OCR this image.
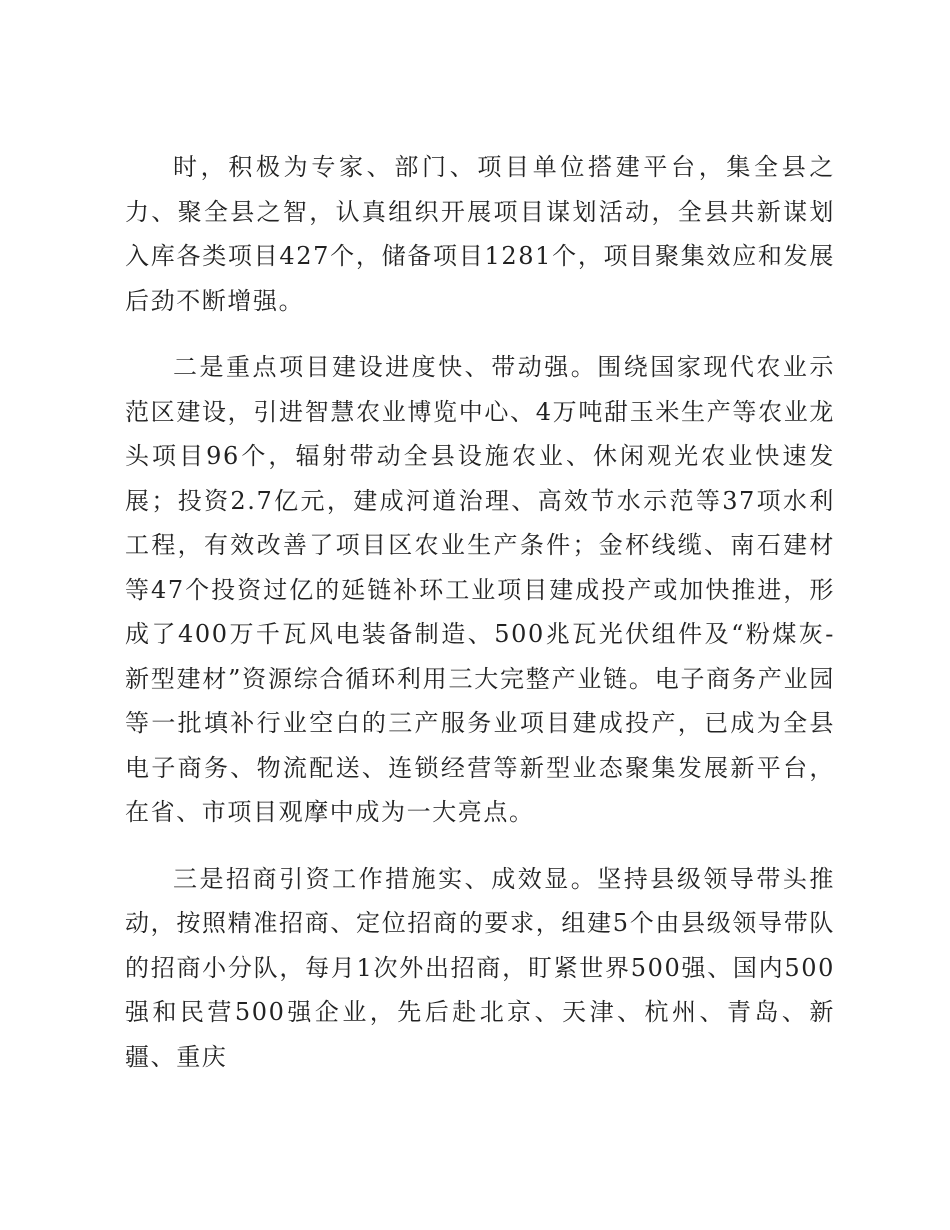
时，积极为专家、部门、项目单位搭建平台，集全县之力、聚全县之智，认真组织开展项目谋划活动，全县共新谋划入库各类项目427个，储备项目1281个，项目聚集效应和发展后劲不断增强。

二是重点项目建设进度快、带动强。围绕国家现代农业示范区建设，引进智慧农业博览中心、4万吨甜玉米生产等农业龙头项目96个，辐射带动全县设施农业、休闲观光农业快速发展；投资2.7亿元，建成河道治理、高效节水示范等37项水利工程，有效改善了项目区农业生产条件；金杯线缆、南石建材等47个投资过亿的延链补环工业项目建成投产或加快推进，形成了400万千瓦风电装备制造、500兆瓦光伏组件及“粉煤灰-新型建材”资源综合循环利用三大完整产业链。电子商务产业园等一批填补行业空白的三产服务业项目建成投产，已成为全县电子商务、物流配送、连锁经营等新型业态聚集发展新平台，在省、市项目观摩中成为一大亮点。

三是招商引资工作措施实、成效显。坚持县级领导带头推动，按照精准招商、定位招商的要求，组建5个由县级领导带队的招商小分队，每月1次外出招商，盯紧世界500强、国内500强和民营500强企业，先后赴北京、天津、杭州、青岛、新疆、重庆
